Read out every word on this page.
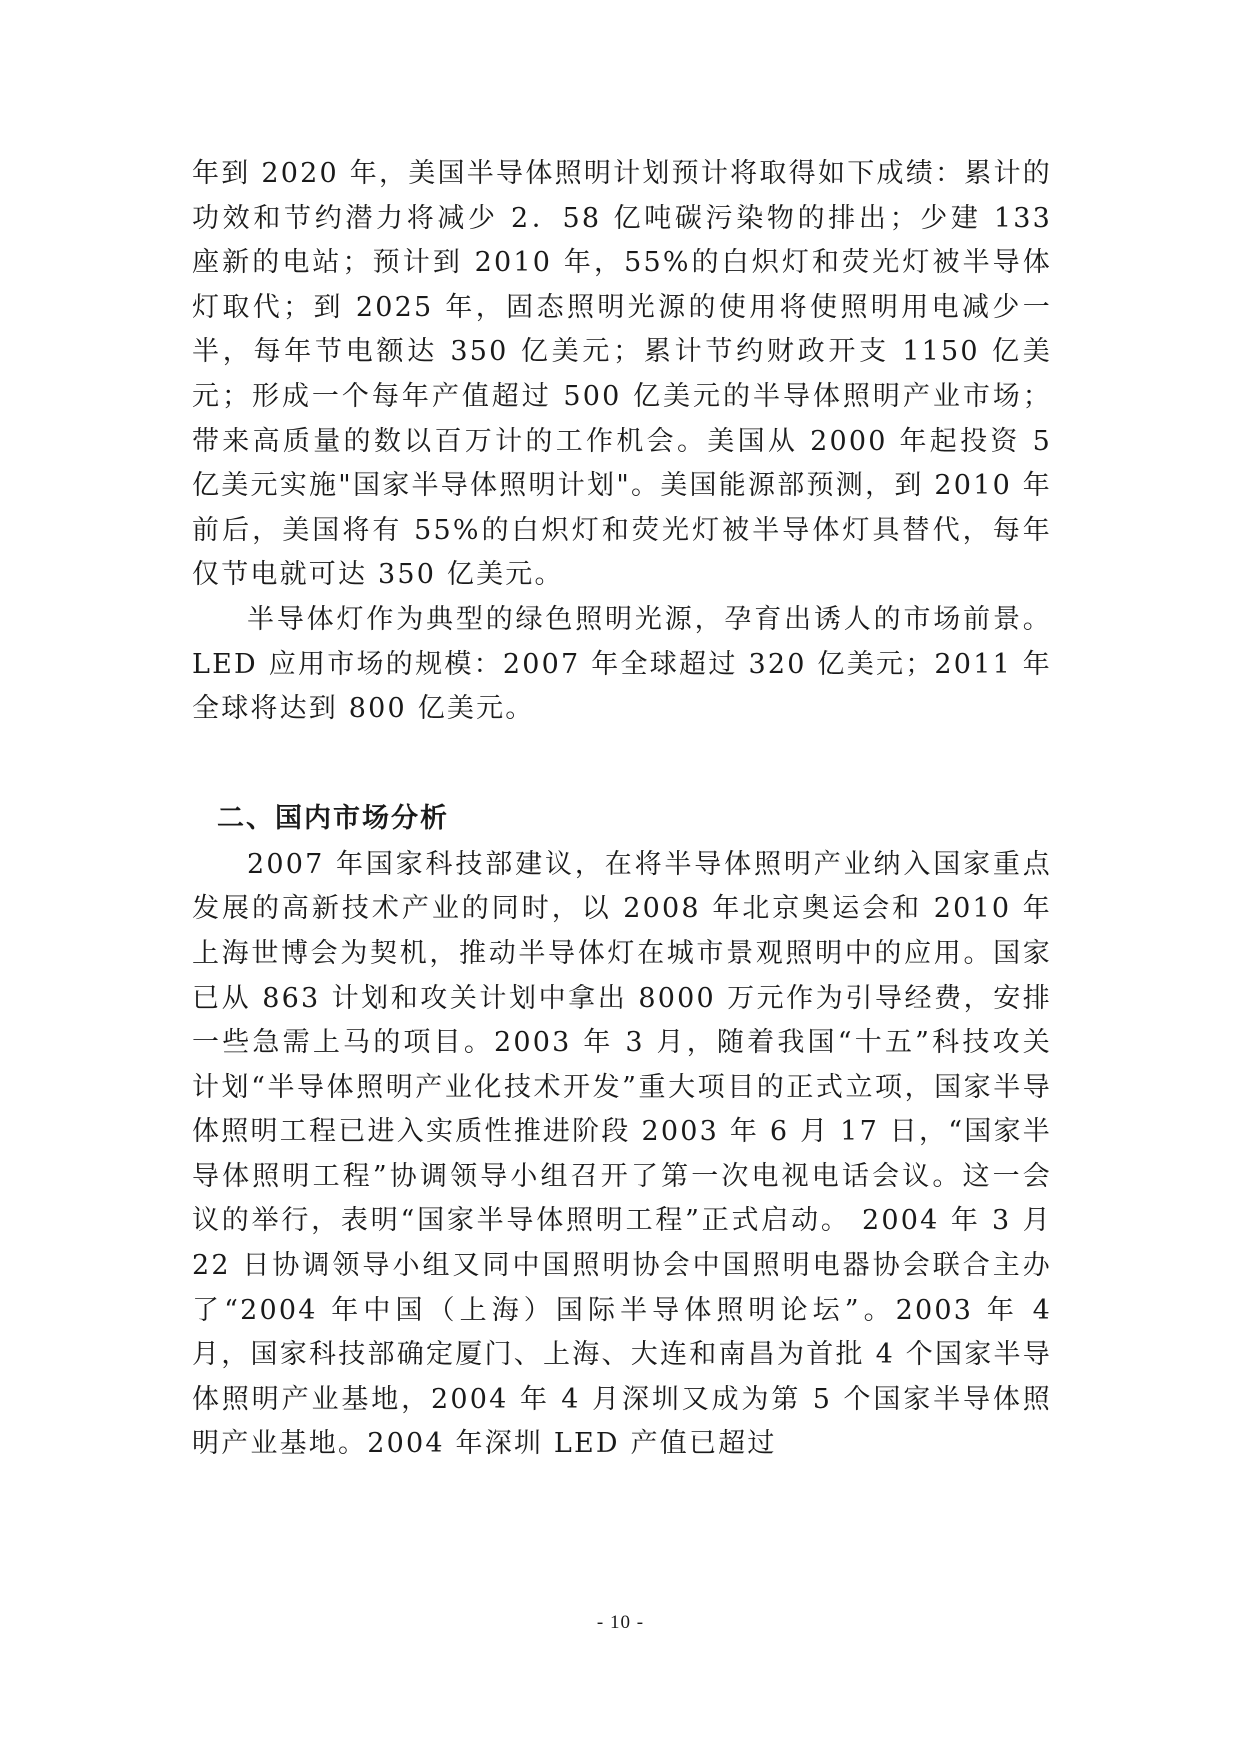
年到 2020 年，美国半导体照明计划预计将取得如下成绩：累计的功效和节约潜力将减少 2．58 亿吨碳污染物的排出；少建 133 座新的电站；预计到 2010 年，55%的白炽灯和荧光灯被半导体灯取代；到 2025 年，固态照明光源的使用将使照明用电减少一半，每年节电额达 350 亿美元；累计节约财政开支 1150 亿美元；形成一个每年产值超过 500 亿美元的半导体照明产业市场；带来高质量的数以百万计的工作机会。美国从 2000 年起投资 5 亿美元实施"国家半导体照明计划"。美国能源部预测，到 2010 年前后，美国将有 55%的白炽灯和荧光灯被半导体灯具替代，每年仅节电就可达 350 亿美元。

半导体灯作为典型的绿色照明光源，孕育出诱人的市场前景。LED 应用市场的规模：2007 年全球超过 320 亿美元；2011 年全球将达到 800 亿美元。

二、国内市场分析

2007 年国家科技部建议，在将半导体照明产业纳入国家重点发展的高新技术产业的同时，以 2008 年北京奥运会和 2010 年上海世博会为契机，推动半导体灯在城市景观照明中的应用。国家已从 863 计划和攻关计划中拿出 8000 万元作为引导经费，安排一些急需上马的项目。2003 年 3 月，随着我国“十五”科技攻关计划“半导体照明产业化技术开发”重大项目的正式立项，国家半导体照明工程已进入实质性推进阶段 2003 年 6 月 17 日，“国家半导体照明工程”协调领导小组召开了第一次电视电话会议。这一会议的举行，表明“国家半导体照明工程”正式启动。 2004 年 3 月 22 日协调领导小组又同中国照明协会中国照明电器协会联合主办了“2004 年中国（上海）国际半导体照明论坛”。2003 年 4 月，国家科技部确定厦门、上海、大连和南昌为首批 4 个国家半导体照明产业基地，2004 年 4 月深圳又成为第 5 个国家半导体照明产业基地。2004 年深圳 LED 产值已超过

- 10 -
